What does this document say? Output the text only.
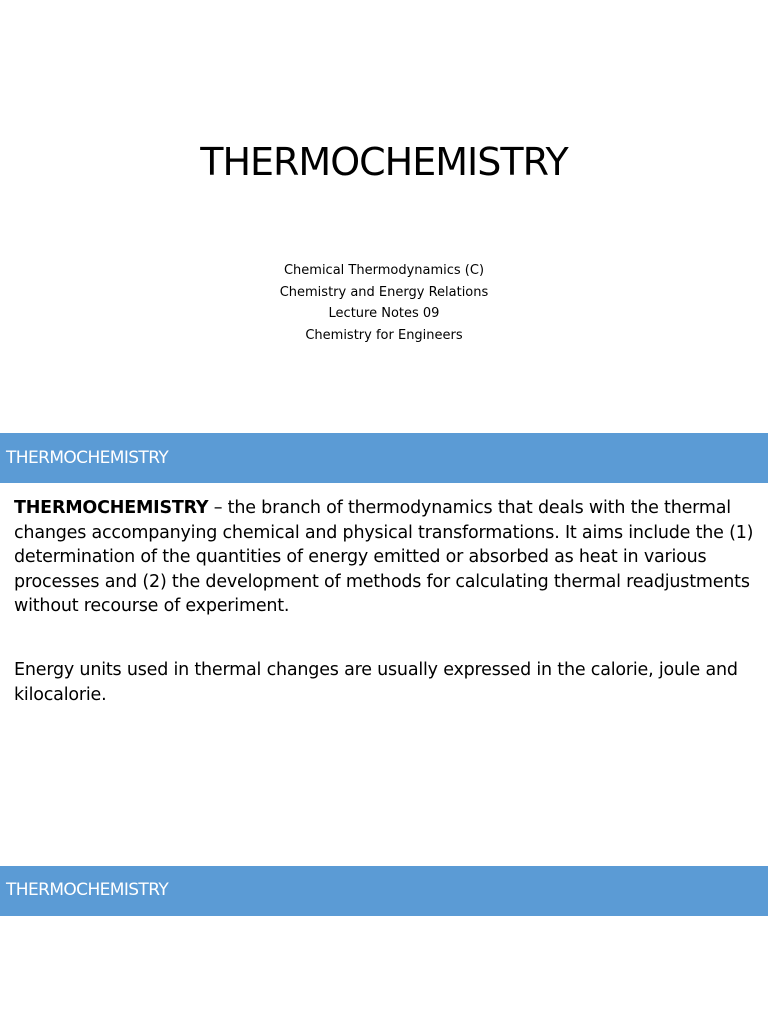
THERMOCHEMISTRY
Chemical Thermodynamics (C)
Chemistry and Energy Relations
Lecture Notes 09
Chemistry for Engineers
THERMOCHEMISTRY
THERMOCHEMISTRY – the branch of thermodynamics that deals with the thermal changes accompanying chemical and physical transformations. It aims include the (1) determination of the quantities of energy emitted or absorbed as heat in various processes and (2) the development of methods for calculating thermal readjustments without recourse of experiment.
Energy units used in thermal changes are usually expressed in the calorie, joule and kilocalorie.
THERMOCHEMISTRY
